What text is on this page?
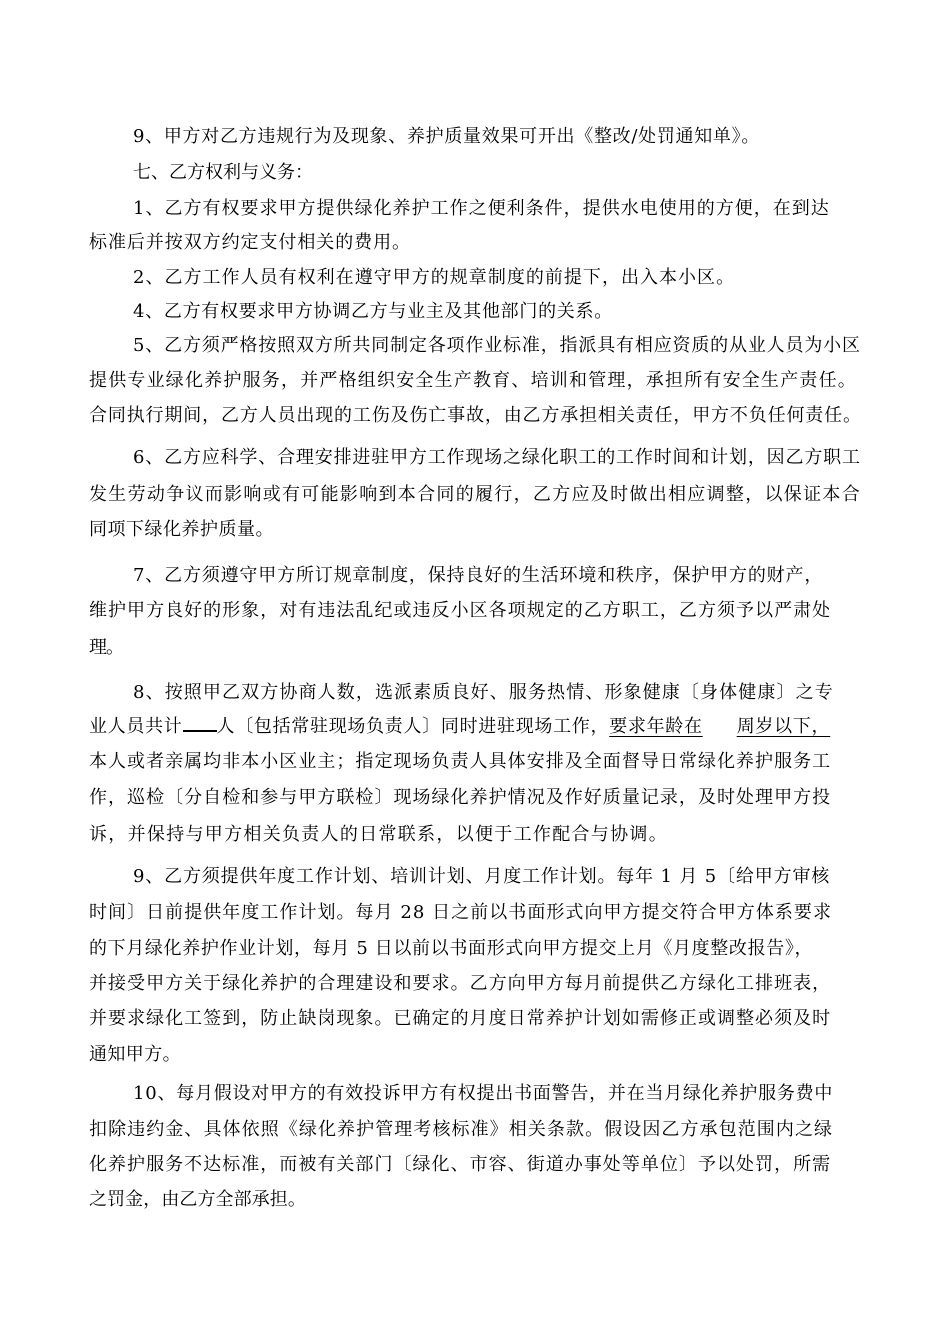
9、甲方对乙方违规行为及现象、养护质量效果可开出《整改/处罚通知单》。
七、乙方权利与义务：
1、乙方有权要求甲方提供绿化养护工作之便利条件，提供水电使用的方便，在到达
标准后并按双方约定支付相关的费用。
2、乙方工作人员有权利在遵守甲方的规章制度的前提下，出入本小区。
4、乙方有权要求甲方协调乙方与业主及其他部门的关系。
5、乙方须严格按照双方所共同制定各项作业标准，指派具有相应资质的从业人员为小区
提供专业绿化养护服务，并严格组织安全生产教育、培训和管理，承担所有安全生产责任。
合同执行期间，乙方人员出现的工伤及伤亡事故，由乙方承担相关责任，甲方不负任何责任。
6、乙方应科学、合理安排进驻甲方工作现场之绿化职工的工作时间和计划，因乙方职工
发生劳动争议而影响或有可能影响到本合同的履行，乙方应及时做出相应调整，以保证本合
同项下绿化养护质量。
7、乙方须遵守甲方所订规章制度，保持良好的生活环境和秩序，保护甲方的财产，
维护甲方良好的形象，对有违法乱纪或违反小区各项规定的乙方职工，乙方须予以严肃处
理。
8、按照甲乙双方协商人数，选派素质良好、服务热情、形象健康〔身体健康〕之专
业人员共计 人〔包括常驻现场负责人〕同时进驻现场工作，要求年龄在 周岁以下，
本人或者亲属均非本小区业主；指定现场负责人具体安排及全面督导日常绿化养护服务工
作，巡检〔分自检和参与甲方联检〕现场绿化养护情况及作好质量记录，及时处理甲方投
诉，并保持与甲方相关负责人的日常联系，以便于工作配合与协调。
9、乙方须提供年度工作计划、培训计划、月度工作计划。每年 1 月 5〔给甲方审核
时间〕日前提供年度工作计划。每月 28 日之前以书面形式向甲方提交符合甲方体系要求
的下月绿化养护作业计划，每月 5 日以前以书面形式向甲方提交上月《月度整改报告》，
并接受甲方关于绿化养护的合理建设和要求。乙方向甲方每月前提供乙方绿化工排班表，
并要求绿化工签到，防止缺岗现象。已确定的月度日常养护计划如需修正或调整必须及时
通知甲方。
10、每月假设对甲方的有效投诉甲方有权提出书面警告，并在当月绿化养护服务费中
扣除违约金、具体依照《绿化养护管理考核标准》相关条款。假设因乙方承包范围内之绿
化养护服务不达标准，而被有关部门〔绿化、市容、街道办事处等单位〕予以处罚，所需
之罚金，由乙方全部承担。
